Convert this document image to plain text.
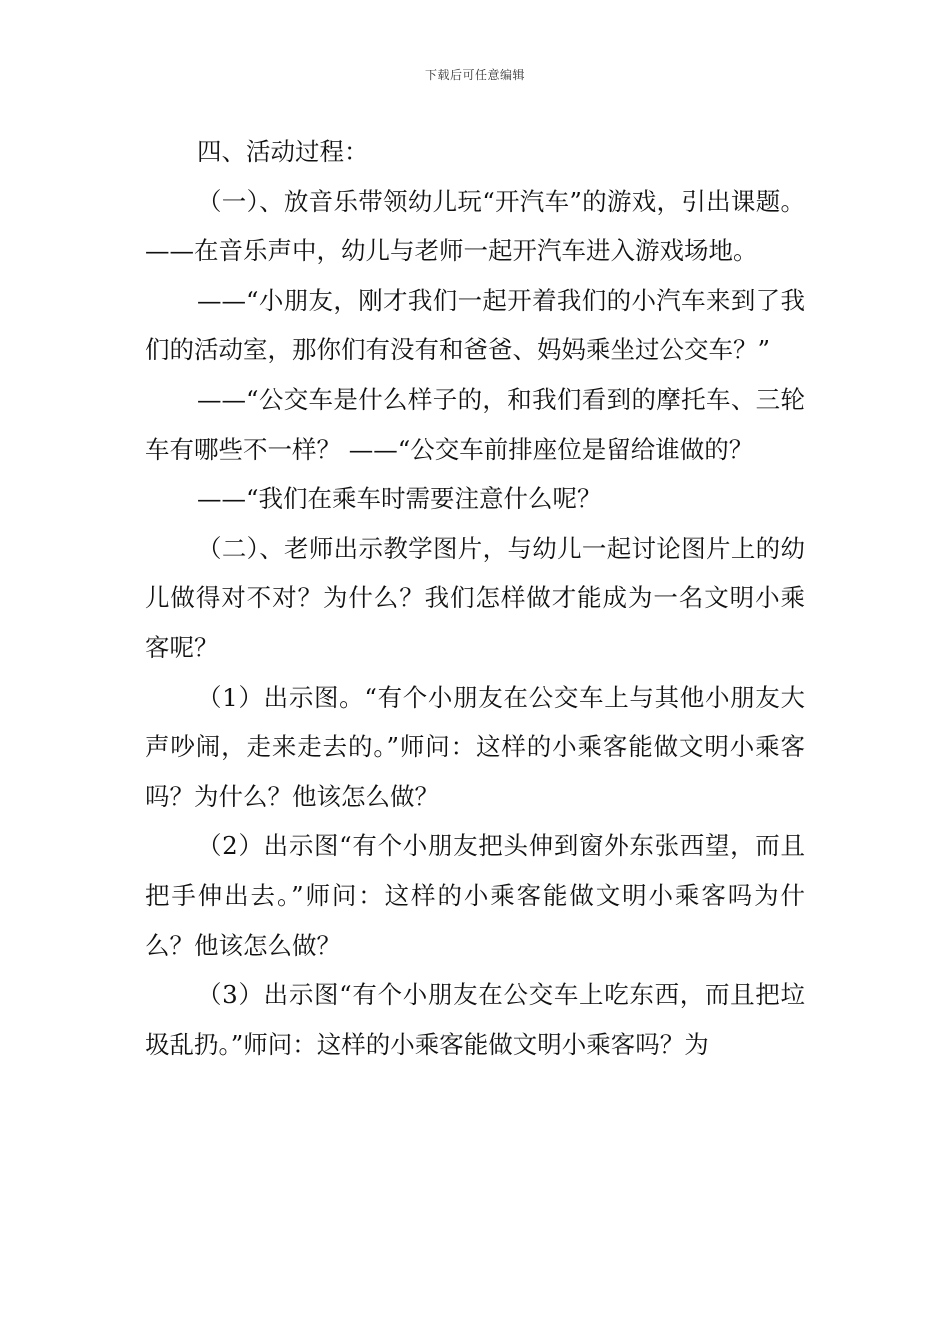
下载后可任意编辑

四、活动过程：

（一）、放音乐带领幼儿玩“开汽车”的游戏，引出课题。 ——在音乐声中，幼儿与老师一起开汽车进入游戏场地。

——“小朋友，刚才我们一起开着我们的小汽车来到了我们的活动室，那你们有没有和爸爸、妈妈乘坐过公交车？”

——“公交车是什么样子的，和我们看到的摩托车、三轮车有哪些不一样？ ——“公交车前排座位是留给谁做的？

——“我们在乘车时需要注意什么呢？

（二）、老师出示教学图片，与幼儿一起讨论图片上的幼儿做得对不对？为什么？我们怎样做才能成为一名文明小乘客呢？

（1）出示图。“有个小朋友在公交车上与其他小朋友大声吵闹，走来走去的。”师问：这样的小乘客能做文明小乘客吗？为什么？他该怎么做？

（2）出示图“有个小朋友把头伸到窗外东张西望，而且把手伸出去。”师问：这样的小乘客能做文明小乘客吗为什么？他该怎么做？

（3）出示图“有个小朋友在公交车上吃东西，而且把垃圾乱扔。”师问：这样的小乘客能做文明小乘客吗？为
